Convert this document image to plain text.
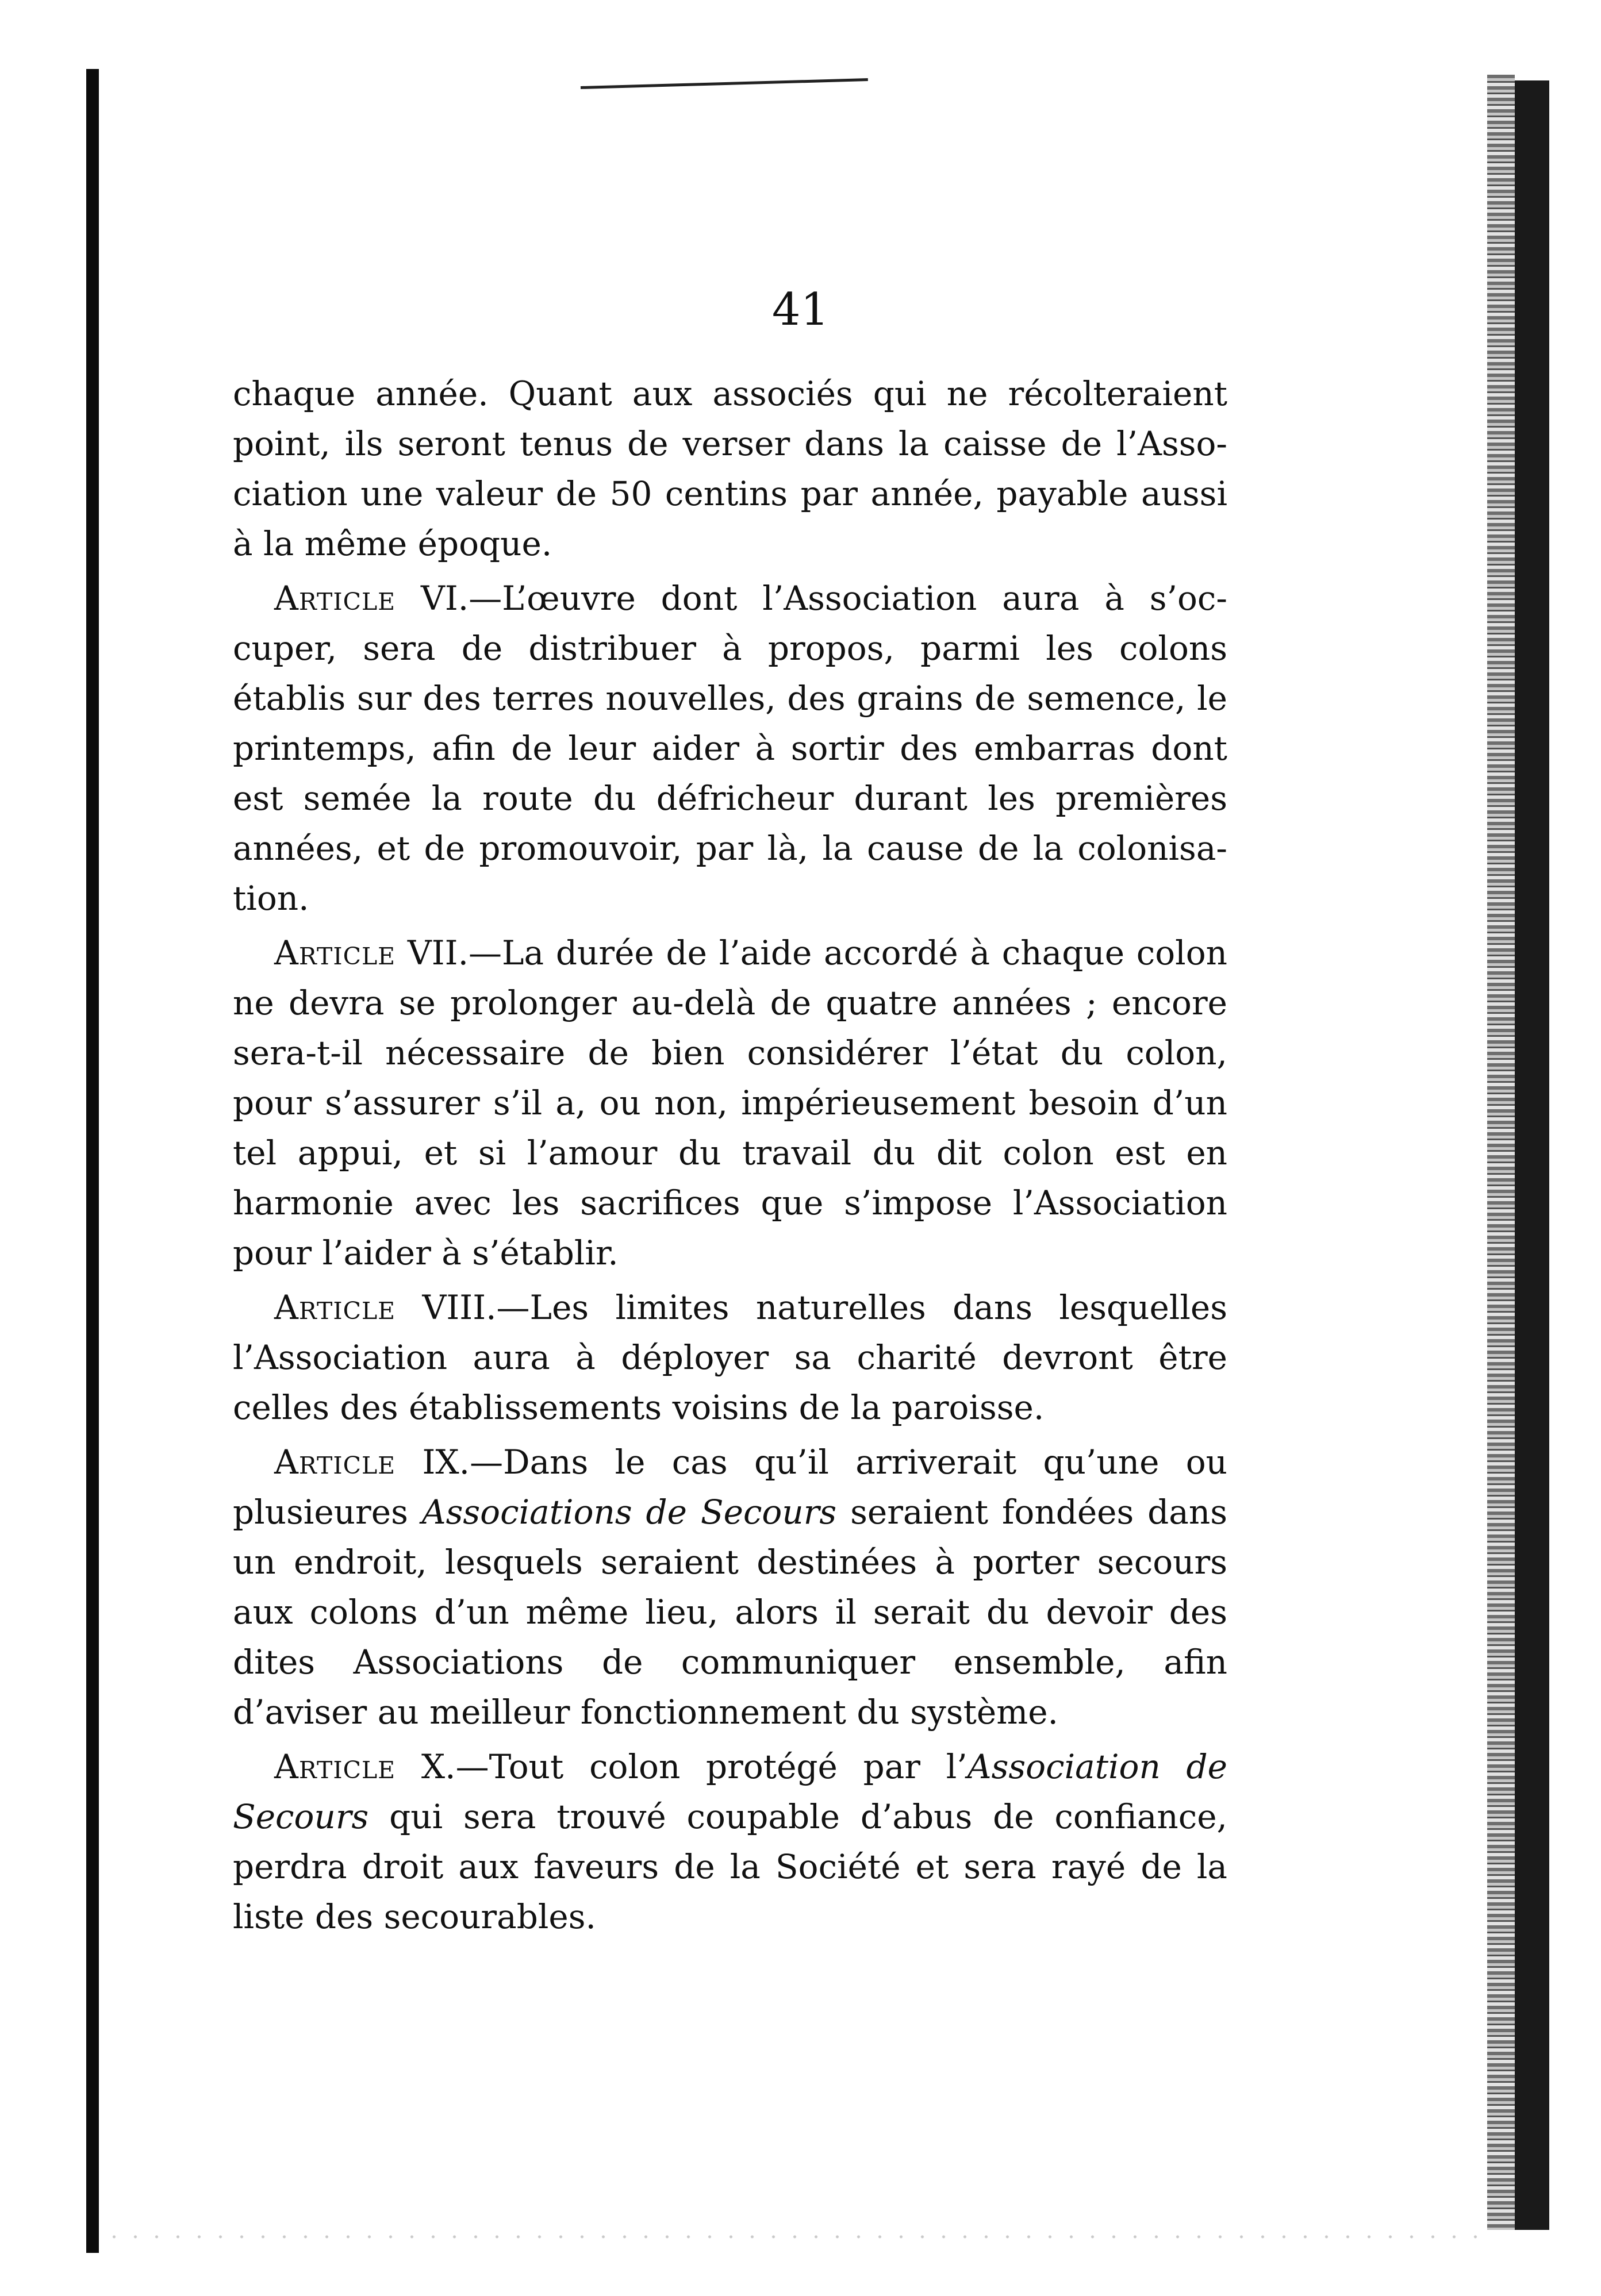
41

chaque année. Quant aux associés qui ne récolteraient point, ils seront tenus de verser dans la caisse de l’Asso-ciation une valeur de 50 centins par année, payable aussi à la même époque.

Article VI.—L’œuvre dont l’Association aura à s’oc-cuper, sera de distribuer à propos, parmi les colons établis sur des terres nouvelles, des grains de semence, le printemps, afin de leur aider à sortir des embarras dont est semée la route du défricheur durant les premières années, et de promouvoir, par là, la cause de la colonisa-tion.

Article VII.—La durée de l’aide accordé à chaque colon ne devra se prolonger au-delà de quatre années ; encore sera-t-il nécessaire de bien considérer l’état du colon, pour s’assurer s’il a, ou non, impérieusement besoin d’un tel appui, et si l’amour du travail du dit colon est en harmonie avec les sacrifices que s’impose l’Association pour l’aider à s’établir.

Article VIII.—Les limites naturelles dans lesquelles l’Association aura à déployer sa charité devront être celles des établissements voisins de la paroisse.

Article IX.—Dans le cas qu’il arriverait qu’une ou plusieures Associations de Secours seraient fondées dans un endroit, lesquels seraient destinées à porter secours aux colons d’un même lieu, alors il serait du devoir des dites Associations de communiquer ensemble, afin d’aviser au meilleur fonctionnement du système.

Article X.—Tout colon protégé par l’Association de Secours qui sera trouvé coupable d’abus de confiance, perdra droit aux faveurs de la Société et sera rayé de la liste des secourables.
